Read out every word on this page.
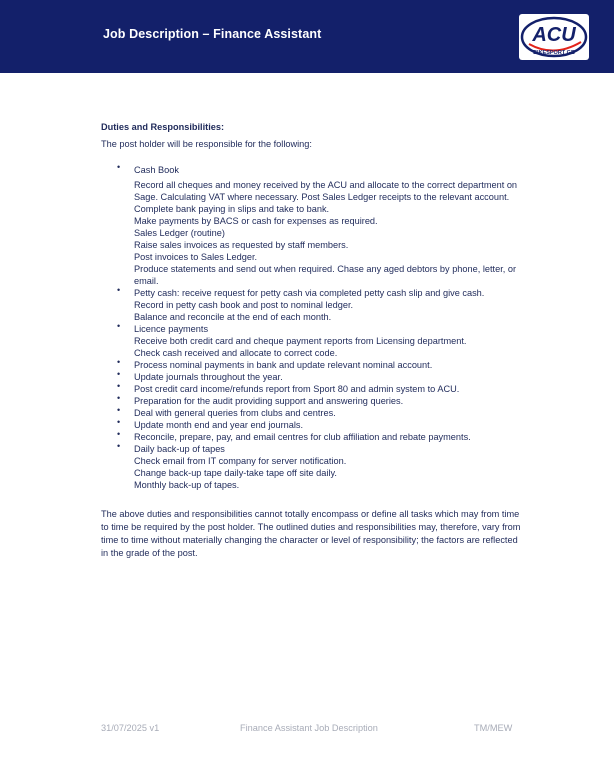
Job Description – Finance Assistant	ACU
BIKESPORT GB
Duties and Responsibilities:
The post holder will be responsible for the following:
• Cash Book
Record all cheques and money received by the ACU and allocate to the correct department on Sage. Calculating VAT where necessary. Post Sales Ledger receipts to the relevant account.
Complete bank paying in slips and take to bank.
Make payments by BACS or cash for expenses as required.
Sales Ledger (routine)
Raise sales invoices as requested by staff members.
Post invoices to Sales Ledger.
Produce statements and send out when required. Chase any aged debtors by phone, letter, or email.
• Petty cash: receive request for petty cash via completed petty cash slip and give cash.
Record in petty cash book and post to nominal ledger.
Balance and reconcile at the end of each month.
• Licence payments
Receive both credit card and cheque payment reports from Licensing department.
Check cash received and allocate to correct code.
• Process nominal payments in bank and update relevant nominal account.
• Update journals throughout the year.
• Post credit card income/refunds report from Sport 80 and admin system to ACU.
• Preparation for the audit providing support and answering queries.
• Deal with general queries from clubs and centres.
• Update month end and year end journals.
• Reconcile, prepare, pay, and email centres for club affiliation and rebate payments.
• Daily back-up of tapes
Check email from IT company for server notification.
Change back-up tape daily-take tape off site daily.
Monthly back-up of tapes.
The above duties and responsibilities cannot totally encompass or define all tasks which may from time to time be required by the post holder. The outlined duties and responsibilities may, therefore, vary from time to time without materially changing the character or level of responsibility; the factors are reflected in the grade of the post.
31/07/2025 v1	Finance Assistant Job Description	TM/MEW
